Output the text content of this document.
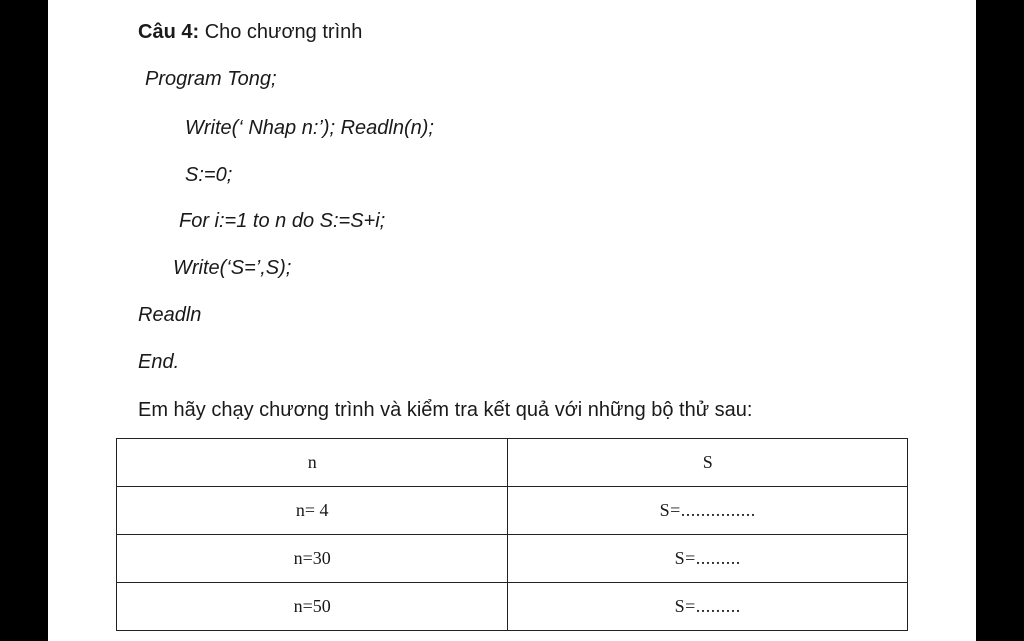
Câu 4: Cho chương trình
Program Tong;
Write(‘ Nhap n:’); Readln(n);
S:=0;
For i:=1 to n do S:=S+i;
Write(‘S=’,S);
Readln
End.
Em hãy chạy chương trình và kiểm tra kết quả với những bộ thử sau:
n	S
n= 4	S=...............
n=30	S=.........
n=50	S=.........
